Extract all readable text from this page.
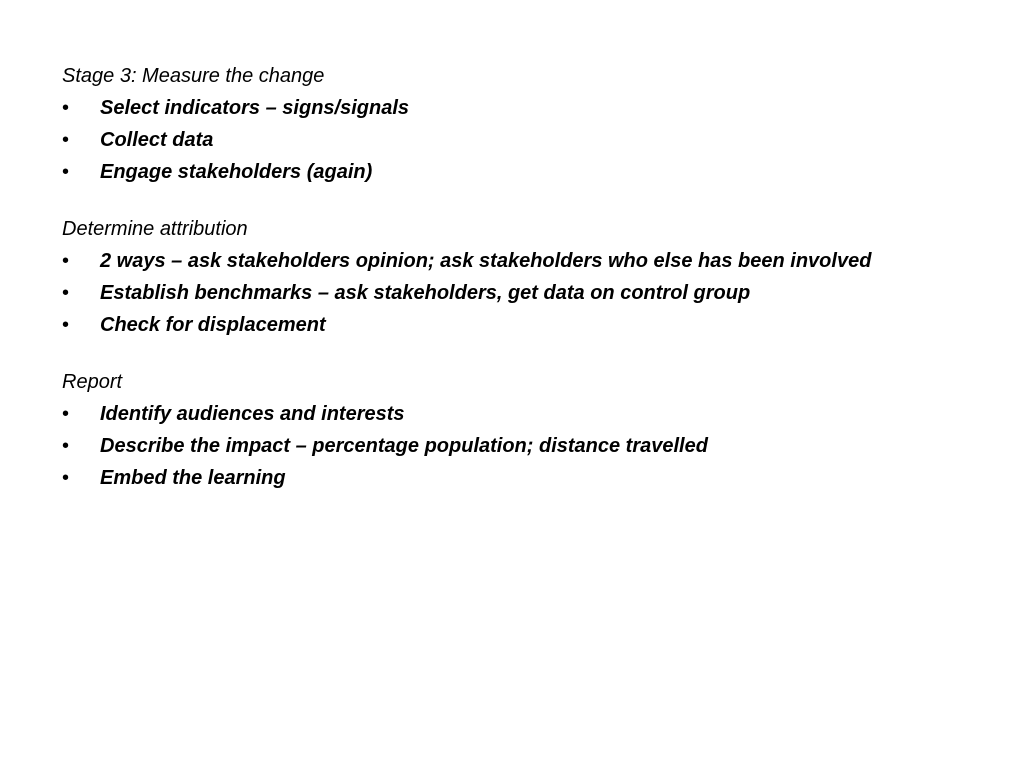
Stage 3: Measure the change
• Select indicators – signs/signals
• Collect data
• Engage stakeholders (again)
Determine attribution
• 2 ways – ask stakeholders opinion; ask stakeholders who else has been involved
• Establish benchmarks – ask stakeholders, get data on control group
• Check for displacement
Report
• Identify audiences and interests
• Describe the impact – percentage population; distance travelled
• Embed the learning
